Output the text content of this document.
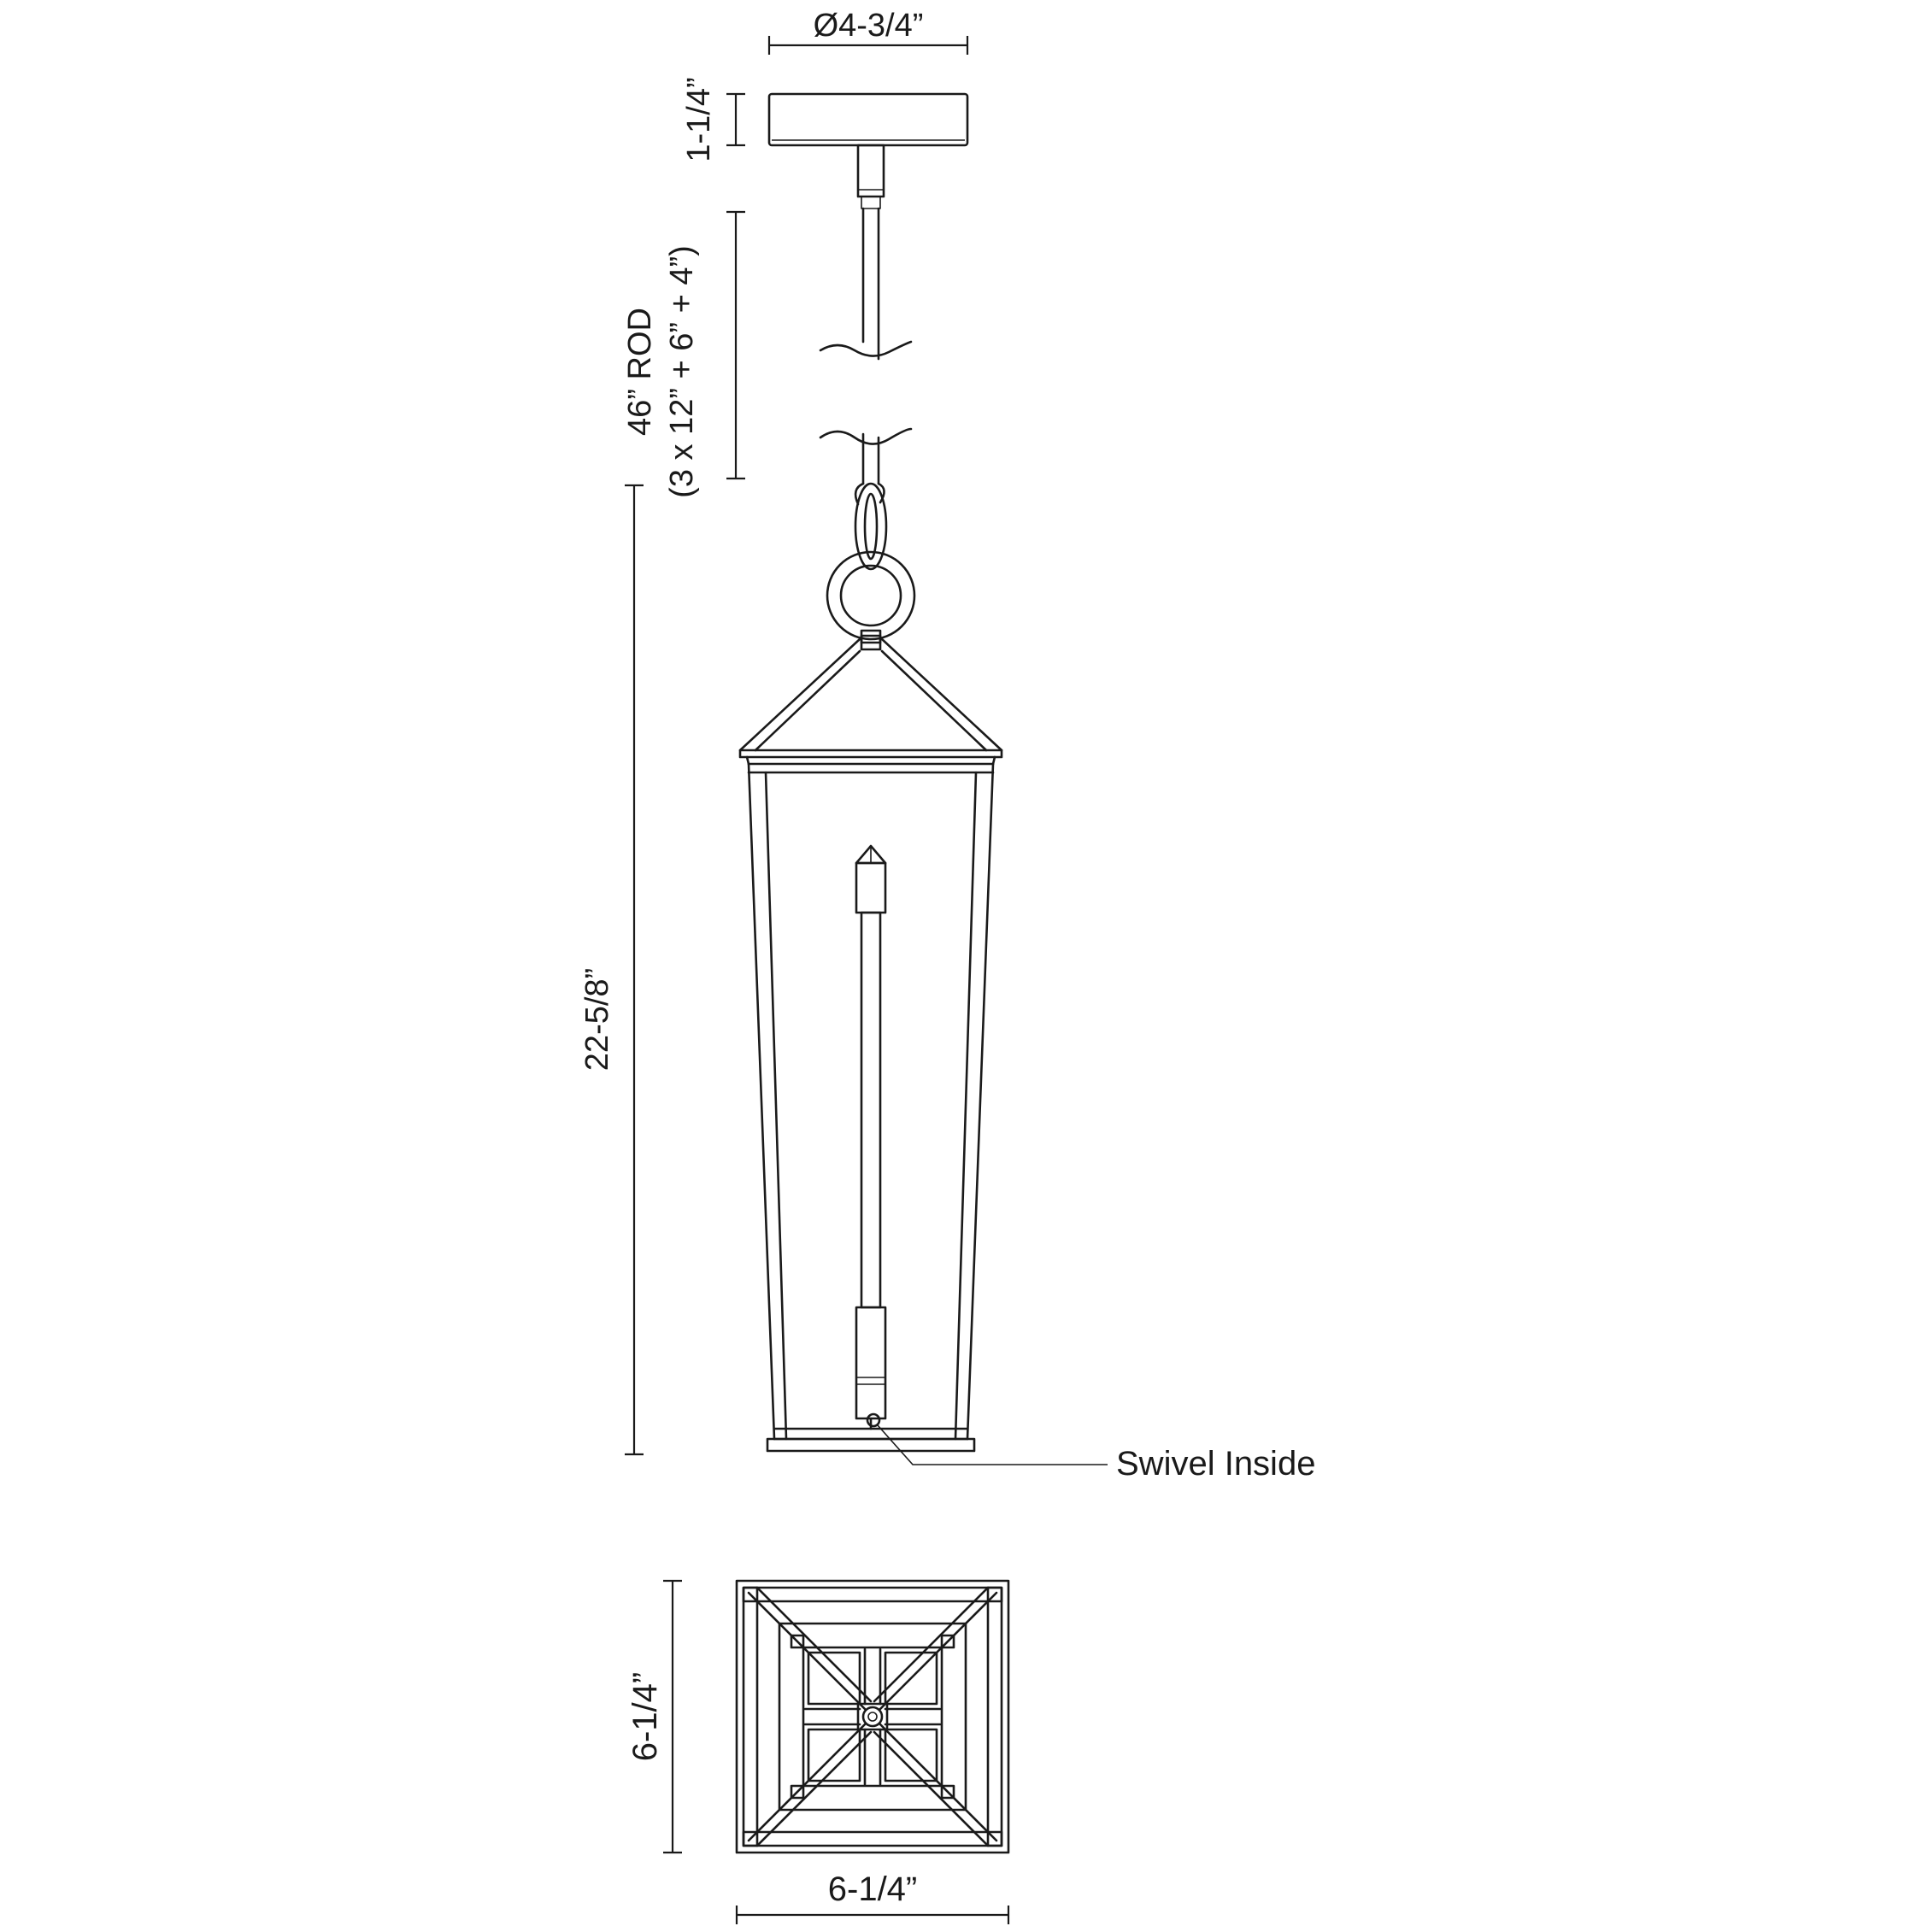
Ø4-3/4”
1-1/4”
46” ROD (3 x 12” + 6” + 4”)
22-5/8”
Swivel Inside
6-1/4”
6-1/4”
